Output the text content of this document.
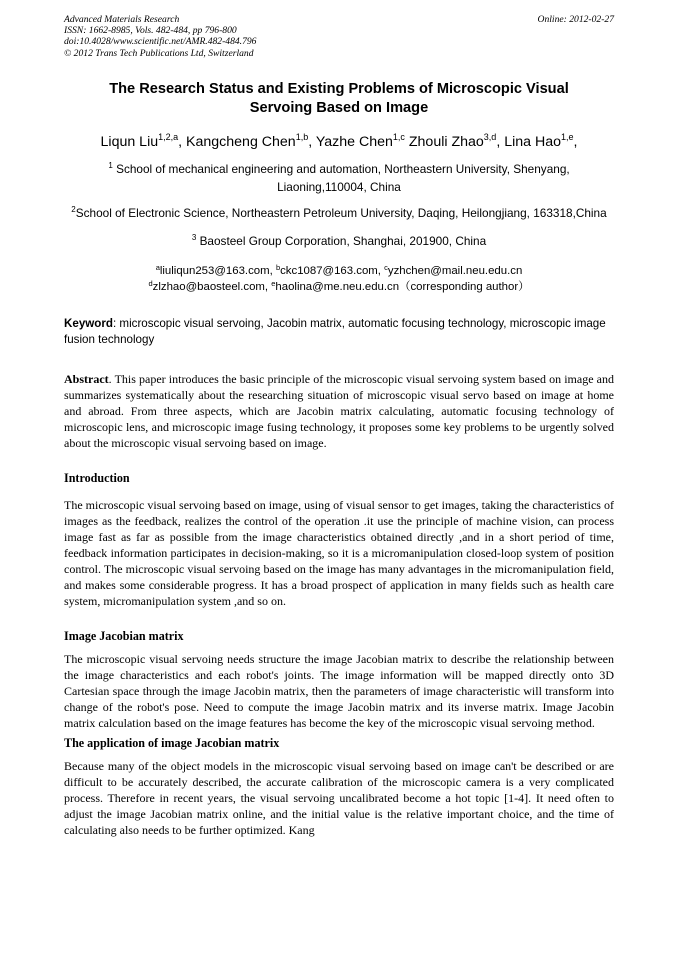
Advanced Materials Research
ISSN: 1662-8985, Vols. 482-484, pp 796-800
doi:10.4028/www.scientific.net/AMR.482-484.796
© 2012 Trans Tech Publications Ltd, Switzerland
Online: 2012-02-27
The Research Status and Existing Problems of Microscopic Visual Servoing Based on Image
Liqun Liu$^{1,2,a}$, Kangcheng Chen$^{1,b}$, Yazhe Chen$^{1,c}$ Zhouli Zhao$^{3,d}$, Lina Hao$^{1,e}$,
$^1$ School of mechanical engineering and automation, Northeastern University, Shenyang, Liaoning,110004, China
$^2$School of Electronic Science, Northeastern Petroleum University, Daqing, Heilongjiang, 163318,China
$^3$ Baosteel Group Corporation, Shanghai, 201900, China
$^a$liuliqun253@163.com, $^b$ckc1087@163.com, $^c$yzhchen@mail.neu.edu.cn
$^d$zlzhao@baosteel.com, $^e$haolina@me.neu.edu.cn（corresponding author）
Keyword: microscopic visual servoing, Jacobin matrix, automatic focusing technology, microscopic image fusion technology
Abstract. This paper introduces the basic principle of the microscopic visual servoing system based on image and summarizes systematically about the researching situation of microscopic visual servo based on image at home and abroad. From three aspects, which are Jacobin matrix calculating, automatic focusing technology of microscopic lens, and microscopic image fusing technology, it proposes some key problems to be urgently solved about the microscopic visual servoing based on image.
Introduction
The microscopic visual servoing based on image, using of visual sensor to get images, taking the characteristics of images as the feedback, realizes the control of the operation .it use the principle of machine vision, can process image fast as far as possible from the image characteristics obtained directly ,and in a short period of time, feedback information participates in decision-making, so it is a micromanipulation closed-loop system of position control. The microscopic visual servoing based on the image has many advantages in the micromanipulation field, and makes some considerable progress. It has a broad prospect of application in many fields such as health care system, micromanipulation system ,and so on.
Image Jacobian matrix
The microscopic visual servoing needs structure the image Jacobian matrix to describe the relationship between the image characteristics and each robot's joints. The image information will be mapped directly onto 3D Cartesian space through the image Jacobin matrix, then the parameters of image characteristic will transform into change of the robot's pose. Need to compute the image Jacobin matrix and its inverse matrix. Image Jacobin matrix calculation based on the image features has become the key of the microscopic visual servoing method.
The application of image Jacobian matrix
Because many of the object models in the microscopic visual servoing based on image can't be described or are difficult to be accurately described, the accurate calibration of the microscopic camera is a very complicated process. Therefore in recent years, the visual servoing uncalibrated become a hot topic [1-4]. It need often to adjust the image Jacobian matrix online, and the initial value is the relative important choice, and the time of calculating also needs to be further optimized. Kang
